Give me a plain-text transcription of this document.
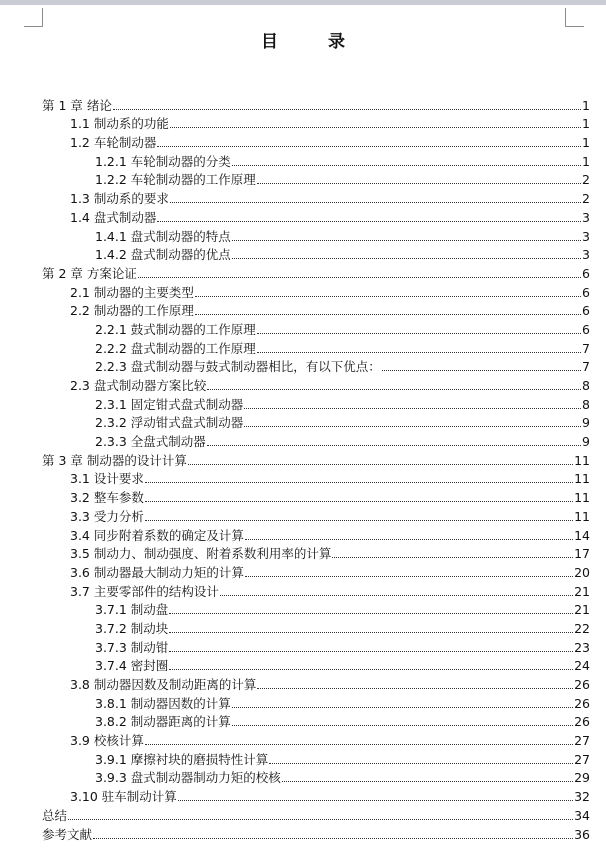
目 录
第 1 章 绪论	1
1.1 制动系的功能	1
1.2 车轮制动器	1
1.2.1 车轮制动器的分类	1
1.2.2 车轮制动器的工作原理	2
1.3 制动系的要求	2
1.4 盘式制动器	3
1.4.1 盘式制动器的特点	3
1.4.2 盘式制动器的优点	3
第 2 章 方案论证	6
2.1 制动器的主要类型	6
2.2 制动器的工作原理	6
2.2.1 鼓式制动器的工作原理	6
2.2.2 盘式制动器的工作原理	7
2.2.3 盘式制动器与鼓式制动器相比，有以下优点：	7
2.3 盘式制动器方案比较	8
2.3.1 固定钳式盘式制动器	8
2.3.2 浮动钳式盘式制动器	9
2.3.3 全盘式制动器	9
第 3 章 制动器的设计计算	11
3.1 设计要求	11
3.2 整车参数	11
3.3 受力分析	11
3.4 同步附着系数的确定及计算	14
3.5 制动力、制动强度、附着系数利用率的计算	17
3.6 制动器最大制动力矩的计算	20
3.7 主要零部件的结构设计	21
3.7.1 制动盘	21
3.7.2 制动块	22
3.7.3 制动钳	23
3.7.4 密封圈	24
3.8 制动器因数及制动距离的计算	26
3.8.1 制动器因数的计算	26
3.8.2 制动器距离的计算	26
3.9 校核计算	27
3.9.1 摩擦衬块的磨损特性计算	27
3.9.3 盘式制动器制动力矩的校核	29
3.10 驻车制动计算	32
总结	34
参考文献	36
